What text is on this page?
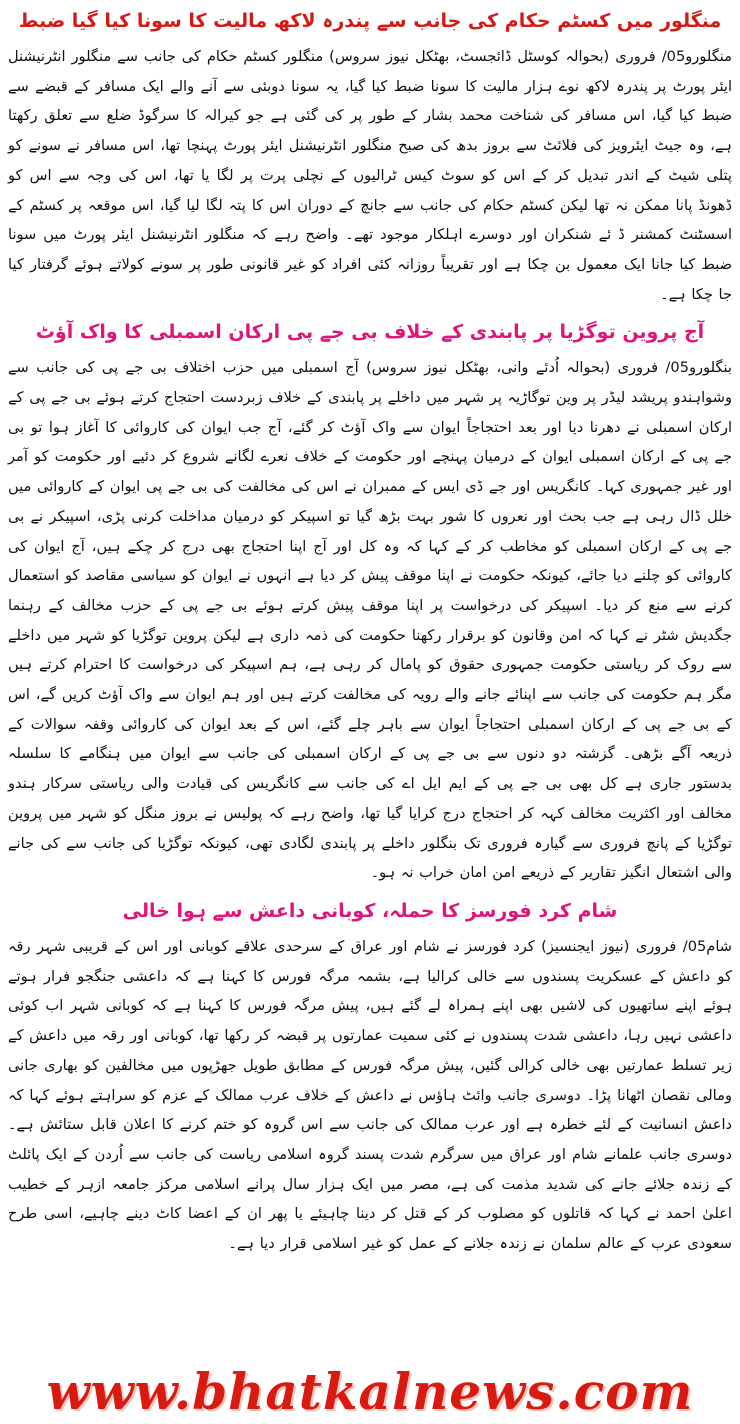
منگلور میں کسٹم حکام کی جانب سے پندرہ لاکھ مالیت کا سونا کیا گیا ضبط

منگلورو05/ فروری (بحوالہ کوسٹل ڈائجسٹ، بھٹکل نیوز سروس) منگلور کسٹم حکام کی جانب سے منگلور انٹرنیشنل ایئر پورٹ پر پندرہ لاکھ نوے ہزار مالیت کا سونا ضبط کیا گیا، یہ سونا دوبئی سے آنے والے ایک مسافر کے قبضے سے ضبط کیا گیا، اس مسافر کی شناخت محمد بشار کے طور پر کی گئی ہے جو کیرالہ کا سرگوڈ ضلع سے تعلق رکھتا ہے، وہ جیٹ ایئرویز کی فلائٹ سے بروز بدھ کی صبح منگلور انٹرنیشنل ایئر پورٹ پہنچا تھا، اس مسافر نے سونے کو پتلی شیٹ کے اندر تبدیل کر کے اس کو سوٹ کیس ٹرالیوں کے نچلی پرت پر لگا یا تھا، اس کی وجہ سے اس کو ڈھونڈ پانا ممکن نہ تھا لیکن کسٹم حکام کی جانب سے جانچ کے دوران اس کا پتہ لگا لیا گیا، اس موقعہ پر کسٹم کے اسسٹنٹ کمشنر ڈ ئے شنکران اور دوسرے اہلکار موجود تھے۔ واضح رہے کہ منگلور انٹرنیشنل ایئر پورٹ میں سونا ضبط کیا جانا ایک معمول بن چکا ہے اور تقریباً روزانہ کئی افراد کو غیر قانونی طور پر سونے کولاتے ہوئے گرفتار کیا جا چکا ہے۔

آج پروین توگڑیا پر پابندی کے خلاف بی جے پی ارکان اسمبلی کا واک آؤٹ

بنگلورو05/ فروری (بحوالہ اُدئے وانی، بھٹکل نیوز سروس) آج اسمبلی میں حزب اختلاف بی جے پی کی جانب سے وشواہندو پریشد لیڈر پر وین توگاڑیہ پر شہر میں داخلے پر پابندی کے خلاف زبردست احتجاج کرتے ہوئے بی جے پی کے ارکان اسمبلی نے دھرنا دیا اور بعد احتجاجاً ایوان سے واک آؤٹ کر گئے، آج جب ایوان کی کاروائی کا آغاز ہوا تو بی جے پی کے ارکان اسمبلی ایوان کے درمیان پہنچے اور حکومت کے خلاف نعرے لگانے شروع کر دئیے اور حکومت کو آمر اور غیر جمہوری کہا۔ کانگریس اور جے ڈی ایس کے ممبران نے اس کی مخالفت کی بی جے پی ایوان کے کاروائی میں خلل ڈال رہی ہے جب بحث اور نعروں کا شور بہت بڑھ گیا تو اسپیکر کو درمیان مداخلت کرنی پڑی، اسپیکر نے بی جے پی کے ارکان اسمبلی کو مخاطب کر کے کہا کہ وہ کل اور آج اپنا احتجاج بھی درج کر چکے ہیں، آج ایوان کی کاروائی کو چلنے دیا جائے، کیونکہ حکومت نے اپنا موقف پیش کر دیا ہے انہوں نے ایوان کو سیاسی مقاصد کو استعمال کرنے سے منع کر دیا۔ اسپیکر کی درخواست پر اپنا موقف پیش کرتے ہوئے بی جے پی کے حزب مخالف کے رہنما جگدیش شٹر نے کہا کہ امن وقانون کو برقرار رکھنا حکومت کی ذمہ داری ہے لیکن پروین توگڑیا کو شہر میں داخلے سے روک کر ریاستی حکومت جمہوری حقوق کو پامال کر رہی ہے، ہم اسپیکر کی درخواست کا احترام کرتے ہیں مگر ہم حکومت کی جانب سے اپنائے جانے والے رویہ کی مخالفت کرتے ہیں اور ہم ایوان سے واک آؤٹ کریں گے، اس کے بی جے پی کے ارکان اسمبلی احتجاجاً ایوان سے باہر چلے گئے، اس کے بعد ایوان کی کاروائی وقفہ سوالات کے ذریعہ آگے بڑھی۔ گزشتہ دو دنوں سے بی جے پی کے ارکان اسمبلی کی جانب سے ایوان میں ہنگامے کا سلسلہ بدستور جاری ہے کل بھی بی جے پی کے ایم ایل اے کی جانب سے کانگریس کی قیادت والی ریاستی سرکار ہندو مخالف اور اکثریت مخالف کہہ کر احتجاج درج کرایا گیا تھا، واضح رہے کہ پولیس نے بروز منگل کو شہر میں پروین توگڑیا کے پانچ فروری سے گیارہ فروری تک بنگلور داخلے پر پابندی لگادی تھی، کیونکہ توگڑیا کی جانب سے کی جانے والی اشتعال انگیز تقاریر کے ذریعے امن امان خراب نہ ہو۔

شام کرد فورسز کا حملہ، کوبانی داعش سے ہوا خالی

شام05/ فروری (نیوز ایجنسیز) کرد فورسز نے شام اور عراق کے سرحدی علاقے کوبانی اور اس کے قریبی شہر رقہ کو داعش کے عسکریت پسندوں سے خالی کرالیا ہے، بشمہ مرگہ فورس کا کہنا ہے کہ داعشی جنگجو فرار ہوتے ہوئے اپنے ساتھیوں کی لاشیں بھی اپنے ہمراہ لے گئے ہیں، پیش مرگہ فورس کا کہنا ہے کہ کوبانی شہر اب کوئی داعشی نہیں رہا، داعشی شدت پسندوں نے کئی سمیت عمارتوں پر قبضہ کر رکھا تھا، کوبانی اور رقہ میں داعش کے زیر تسلط عمارتیں بھی خالی کرالی گئیں، پیش مرگہ فورس کے مطابق طویل جھڑپوں میں مخالفین کو بھاری جانی ومالی نقصان اٹھانا پڑا۔ دوسری جانب وائٹ ہاؤس نے داعش کے خلاف عرب ممالک کے عزم کو سراہتے ہوئے کہا کہ داعش انسانیت کے لئے خطرہ ہے اور عرب ممالک کی جانب سے اس گروہ کو ختم کرنے کا اعلان قابل ستائش ہے۔ دوسری جانب علمانے شام اور عراق میں سرگرم شدت پسند گروہ اسلامی ریاست کی جانب سے اُردن کے ایک پائلٹ کے زندہ جلائے جانے کی شدید مذمت کی ہے، مصر میں ایک ہزار سال پرانے اسلامی مرکز جامعہ ازہر کے خطیب اعلیٰ احمد نے کہا کہ قاتلوں کو مصلوب کر کے قتل کر دینا چاہیئے یا پھر ان کے اعضا کاٹ دینے چاہیے، اسی طرح سعودی عرب کے عالم سلمان نے زندہ جلانے کے عمل کو غیر اسلامی قرار دیا ہے۔

www.bhatkalnews.com
